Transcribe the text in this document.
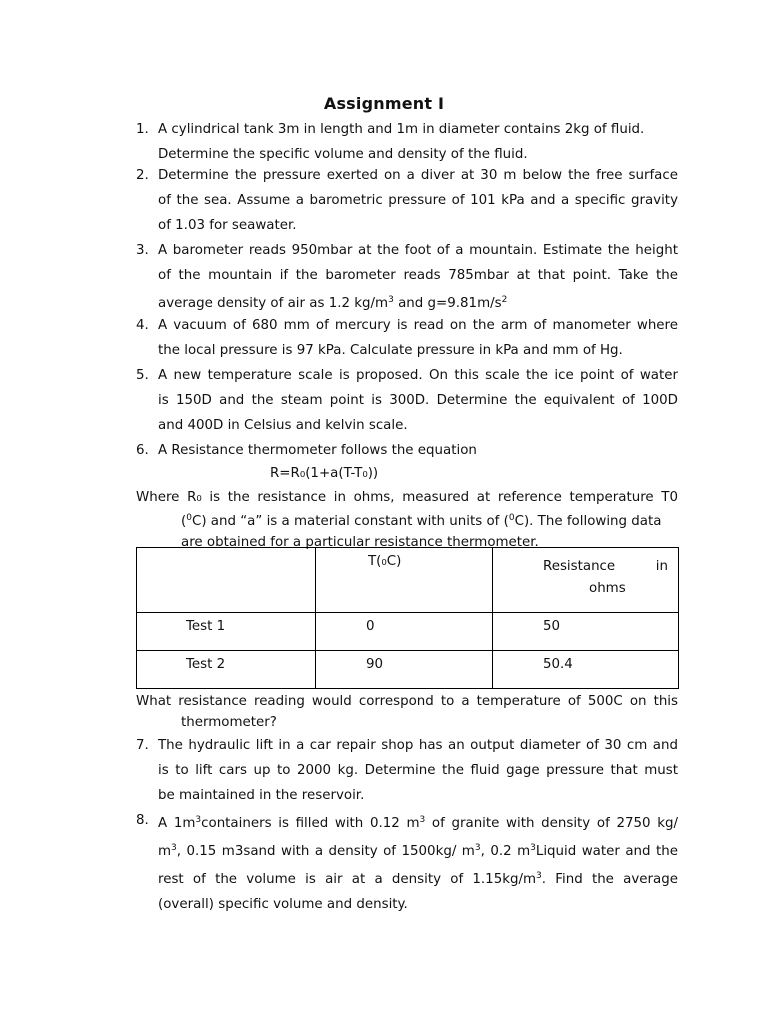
Assignment I
1. A cylindrical tank 3m in length and 1m in diameter contains 2kg of fluid.
Determine the specific volume and density of the fluid.
2. Determine the pressure exerted on a diver at 30 m below the free surface
of the sea. Assume a barometric pressure of 101 kPa and a specific gravity
of 1.03 for seawater.
3. A barometer reads 950mbar at the foot of a mountain. Estimate the height
of the mountain if the barometer reads 785mbar at that point. Take the
average density of air as 1.2 $kg/m^3$ and $g=9.81m/s^2$
4. A vacuum of 680 mm of mercury is read on the arm of manometer where
the local pressure is 97 kPa. Calculate pressure in kPa and mm of Hg.
5. A new temperature scale is proposed. On this scale the ice point of water
is 150D and the steam point is 300D. Determine the equivalent of 100D
and 400D in Celsius and kelvin scale.
6. A Resistance thermometer follows the equation
R=R₀(1+a(T-T₀))
Where R₀ is the resistance in ohms, measured at reference temperature T0
($^0$C) and “a” is a material constant with units of ($^0$C). The following data
are obtained for a particular resistance thermometer.

	T(₀C)	Resistance in
ohms

Test 1	0	50

Test 2	90	50.4
What resistance reading would correspond to a temperature of 500C on this
thermometer?
7. The hydraulic lift in a car repair shop has an output diameter of 30 cm and
is to lift cars up to 2000 kg. Determine the fluid gage pressure that must
be maintained in the reservoir.
8. A $1m^3containers$ is filled with 0.12 $m^3$ of granite with density of 2750 kg/
$m^3$, 0.15 m3sand with a density of 1500kg/ $m^3$, 0.2 $m^3Liquid$ water and the
rest of the volume is air at a density of $1.15kg/m^3$. Find the average
(overall) specific volume and density.
